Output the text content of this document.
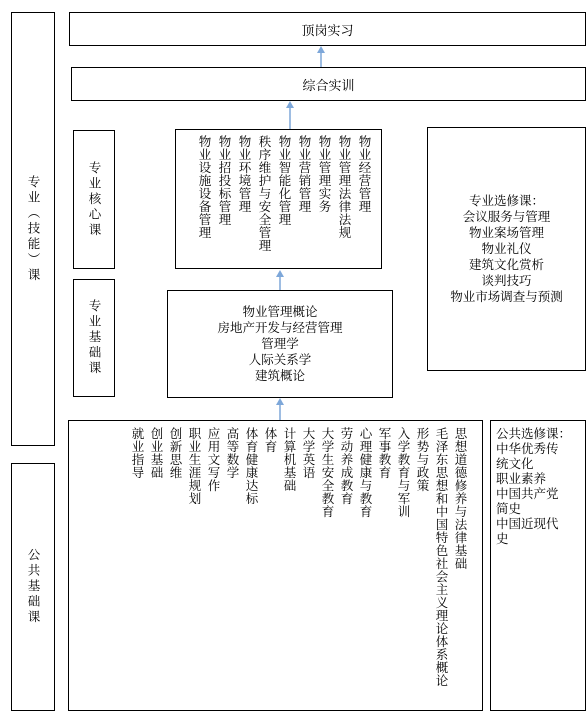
专业（技能）课
公共基础课
顶岗实习
综合实训
专业核心课	物业经营管理
物业管理法律法规
物业管理实务
物业营销管理
物业智能化管理
秩序维护与安全管理
物业环境管理
物业招投标管理
物业设施设备管理	专业选修课：
会议服务与管理
物业案场管理
物业礼仪
建筑文化赏析
谈判技巧
物业市场调查与预测
专业基础课	物业管理概论
房地产开发与经营管理
管理学
人际关系学
建筑概论
思想道德修养与法律基础
毛泽东思想和中国特色社会主义理论体系概论
形势与政策
入学教育与军训
军事教育
心理健康与教育
劳动养成教育
大学生安全教育
大学英语
计算机基础
体育
体育健康达标
高等数学
应用文写作
职业生涯规划
创新思维
创业基础
就业指导	公共选修课：
中华优秀传
统文化
职业素养
中国共产党
简史
中国近现代
史
